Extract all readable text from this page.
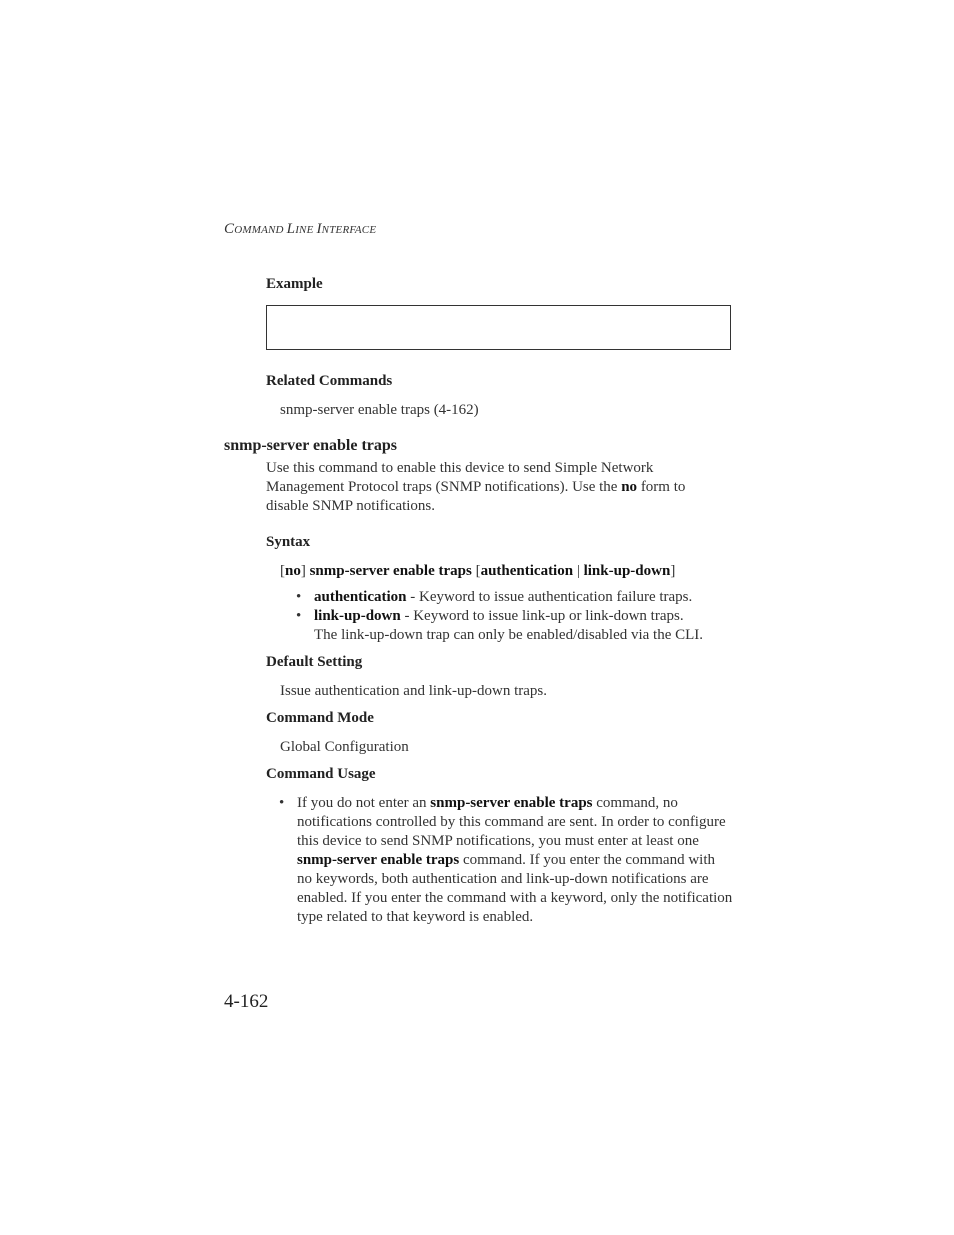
COMMAND LINE INTERFACE
Example
Related Commands
snmp-server enable traps (4-162)
snmp-server enable traps
Use this command to enable this device to send Simple Network
Management Protocol traps (SNMP notifications). Use the no form to
disable SNMP notifications.
Syntax
[no] snmp-server enable traps [authentication | link-up-down]
• authentication - Keyword to issue authentication failure traps.
• link-up-down - Keyword to issue link-up or link-down traps.
The link-up-down trap can only be enabled/disabled via the CLI.
Default Setting
Issue authentication and link-up-down traps.
Command Mode
Global Configuration
Command Usage
• If you do not enter an snmp-server enable traps command, no
notifications controlled by this command are sent. In order to configure
this device to send SNMP notifications, you must enter at least one
snmp-server enable traps command. If you enter the command with
no keywords, both authentication and link-up-down notifications are
enabled. If you enter the command with a keyword, only the notification
type related to that keyword is enabled.
4-162
